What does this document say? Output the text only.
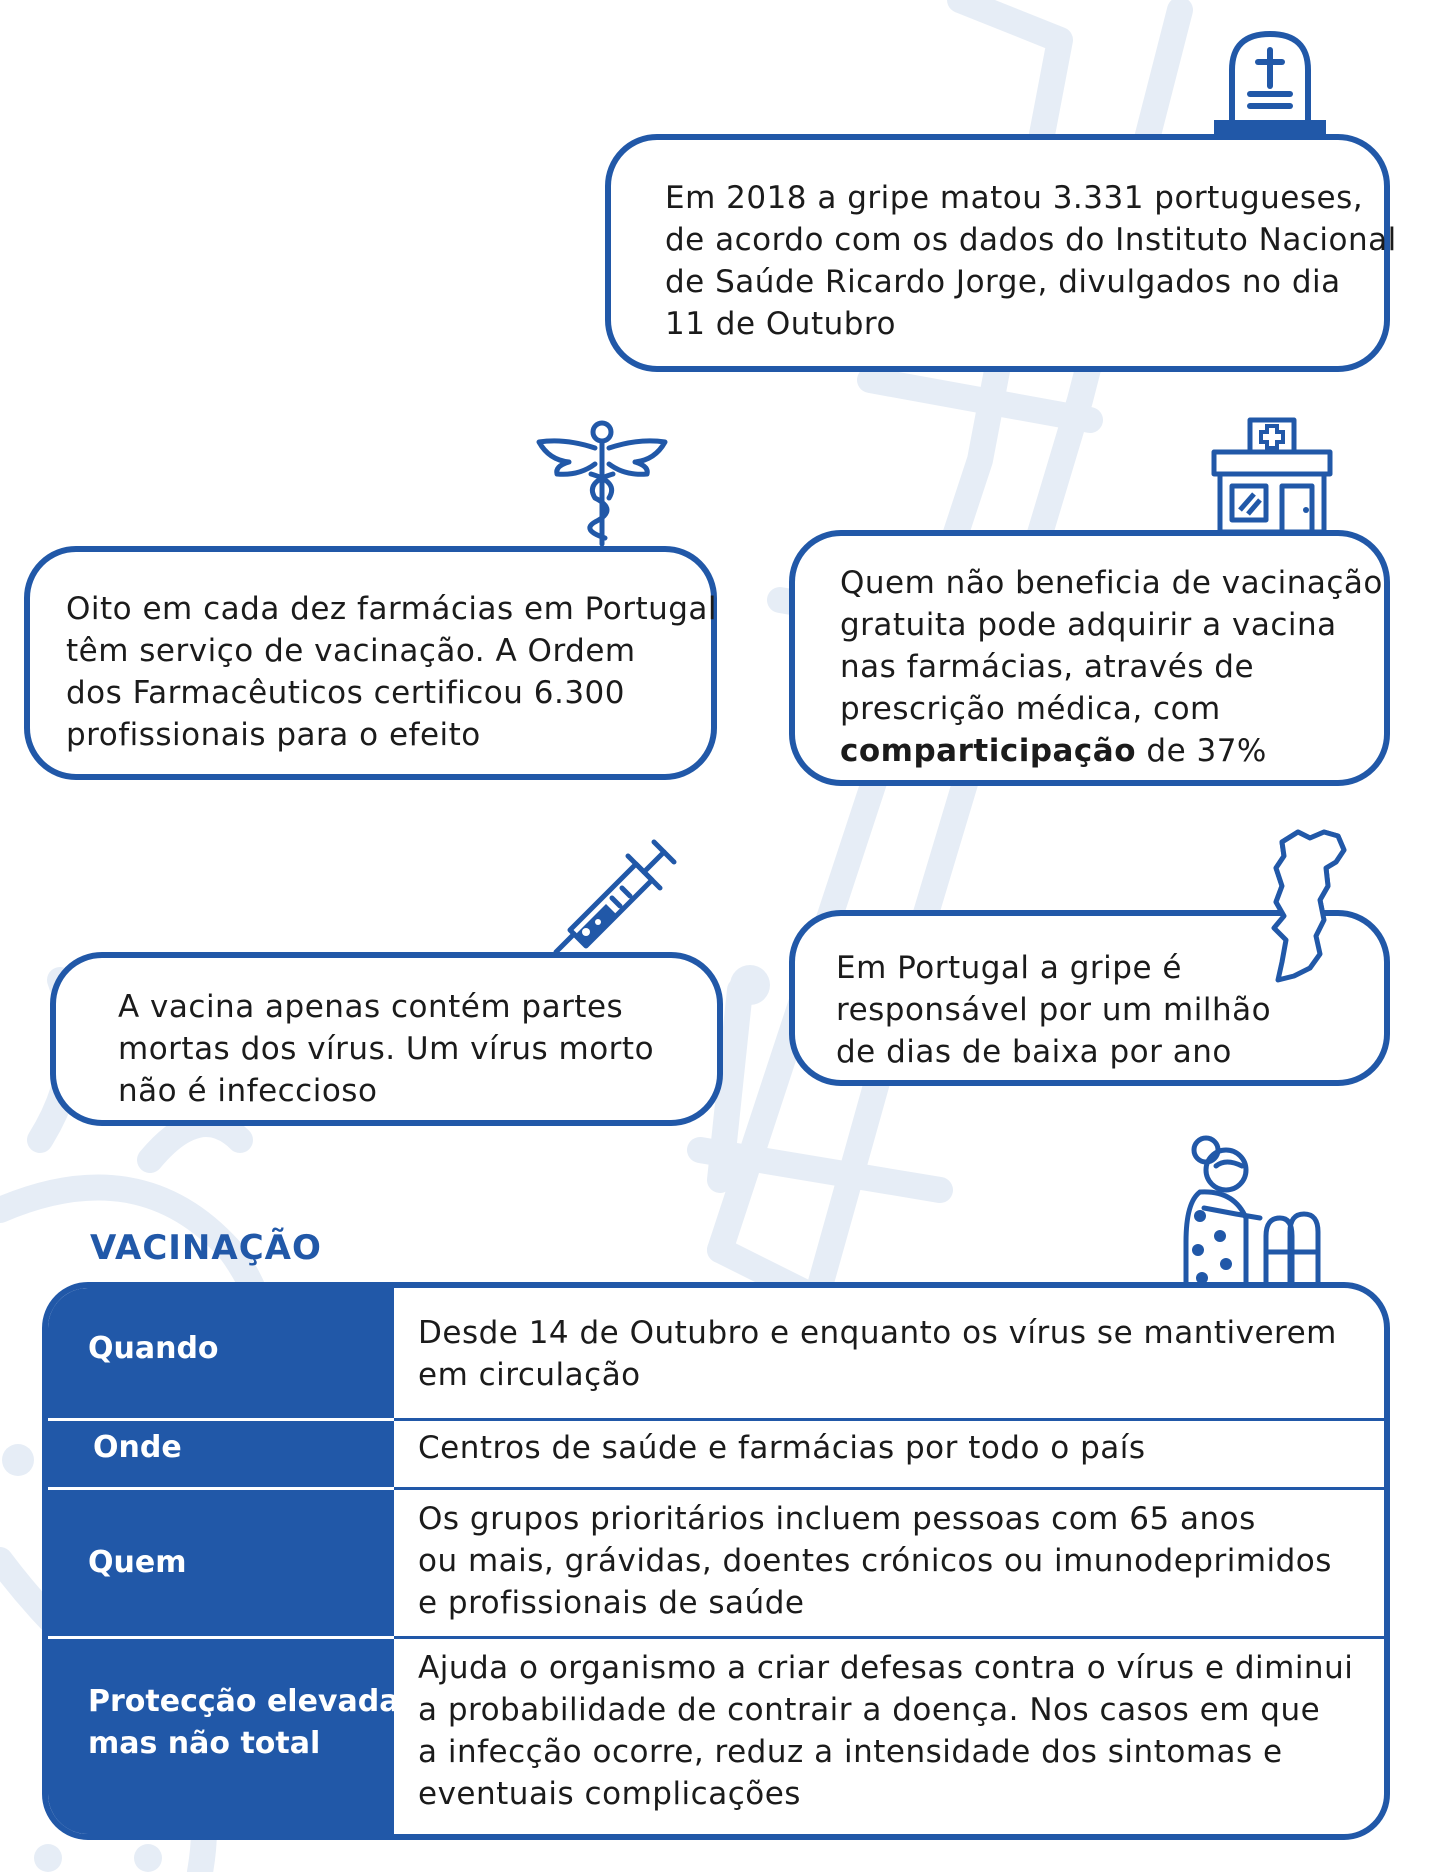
Em 2018 a gripe matou 3.331 portugueses,
de acordo com os dados do Instituto Nacional
de Saúde Ricardo Jorge, divulgados no dia
11 de Outubro
Oito em cada dez farmácias em Portugal
têm serviço de vacinação. A Ordem
dos Farmacêuticos certificou 6.300
profissionais para o efeito
Quem não beneficia de vacinação
gratuita pode adquirir a vacina
nas farmácias, através de
prescrição médica, com
comparticipação de 37%
A vacina apenas contém partes
mortas dos vírus. Um vírus morto
não é infeccioso
Em Portugal a gripe é
responsável por um milhão
de dias de baixa por ano
VACINAÇÃO
Quando	Desde 14 de Outubro e enquanto os vírus se mantiverem
em circulação
Onde	Centros de saúde e farmácias por todo o país
Quem
Os grupos prioritários incluem pessoas com 65 anos
ou mais, grávidas, doentes crónicos ou imunodeprimidos
e profissionais de saúde
Protecção elevada
mas não total
Ajuda o organismo a criar defesas contra o vírus e diminui
a probabilidade de contrair a doença. Nos casos em que
a infecção ocorre, reduz a intensidade dos sintomas e
eventuais complicações
